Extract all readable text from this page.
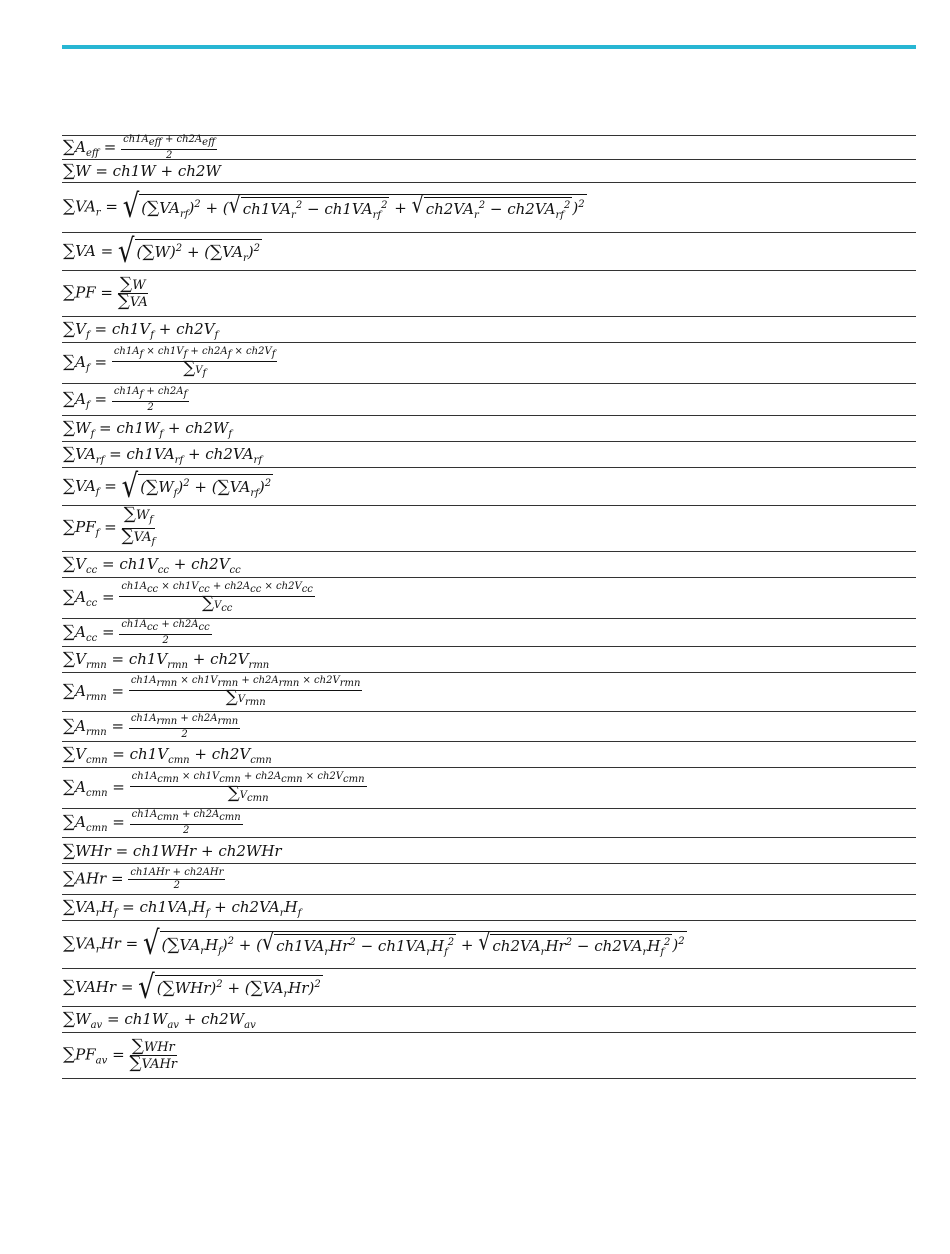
$\sum A_{eff} = \frac{ch1A_{eff} + ch2A_{eff}}{2}$
∑W = ch1W + ch2W
$\sum VA_r$ = √ $(\sum VA_{rf})^2$ + ( √ $ch1VA_r^2 - ch1VA_{rf}^2$ + √ $ch2VA_r^2 - ch2VA_{rf}^2$ )$^2$
∑VA = √ $(\sum W)^2 + (\sum VA_r)^2$
$\sum PF = \frac{\sum W}{\sum VA}$
$\sum V_f = ch1V_f + ch2V_f$
$\sum A_f = \frac{ch1A_f \times ch1V_f + ch2A_f \times ch2V_f}{\sum V_f}$
$\sum A_f = \frac{ch1A_f + ch2A_f}{2}$
$\sum W_f = ch1W_f + ch2W_f$
$\sum VA_{rf} = ch1VA_{rf} + ch2VA_{rf}$
$\sum VA_f$ = √ $(\sum W_f)^2 + (\sum VA_{rf})^2$
$\sum PF_f = \frac{\sum W_f}{\sum VA_f}$
$\sum V_{cc} = ch1V_{cc} + ch2V_{cc}$
$\sum A_{cc} = \frac{ch1A_{cc} \times ch1V_{cc} + ch2A_{cc} \times ch2V_{cc}}{\sum V_{cc}}$
$\sum A_{cc} = \frac{ch1A_{cc} + ch2A_{cc}}{2}$
$\sum V_{rmn} = ch1V_{rmn} + ch2V_{rmn}$
$\sum A_{rmn} = \frac{ch1A_{rmn} \times ch1V_{rmn} + ch2A_{rmn} \times ch2V_{rmn}}{\sum V_{rmn}}$
$\sum A_{rmn} = \frac{ch1A_{rmn} + ch2A_{rmn}}{2}$
$\sum V_{cmn} = ch1V_{cmn} + ch2V_{cmn}$
$\sum A_{cmn} = \frac{ch1A_{cmn} \times ch1V_{cmn} + ch2A_{cmn} \times ch2V_{cmn}}{\sum V_{cmn}}$
$\sum A_{cmn} = \frac{ch1A_{cmn} + ch2A_{cmn}}{2}$
∑WHr = ch1WHr + ch2WHr
$\sum AHr = \frac{\text{ch1AHr + ch2AHr}}{2}$
$\sum VA_rH_f = ch1VA_rH_f + ch2VA_rH_f$
$\sum VA_rHr$ = √ $(\sum VA_rH_f)^2$ + ( √ $ch1VA_rHr^2 - ch1VA_rH_f^2$ + √ $ch2VA_rHr^2 - ch2VA_rH_f^2$ )$^2$
∑VAHr = √ $(\sum WHr)^2 + (\sum VA_rHr)^2$
$\sum W_{av} = ch1W_{av} + ch2W_{av}$
$\sum PF_{av} = \frac{\text{∑WHr}}{\text{∑VAHr}}$
